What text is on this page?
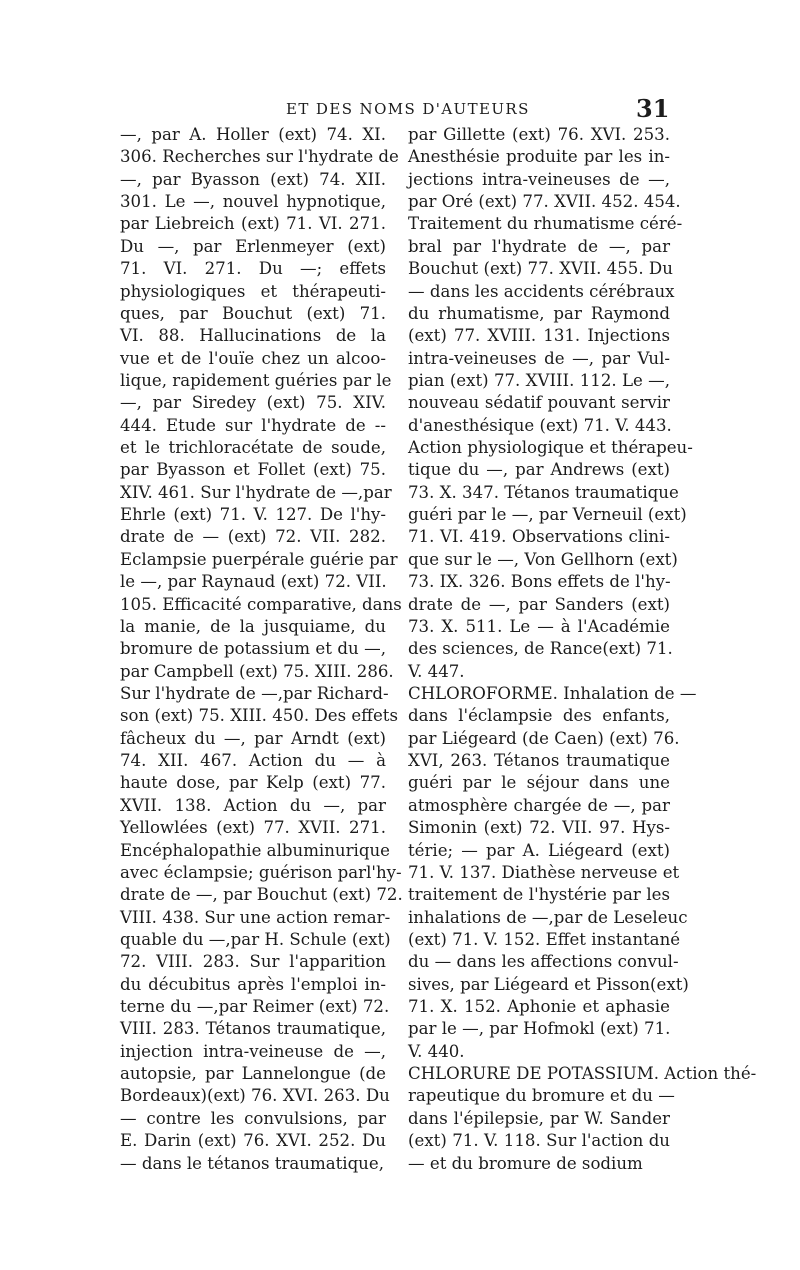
ET DES NOMS D'AUTEURS	31
—, par A. Holler (ext) 74. XI.
306. Recherches sur l'hydrate de
—, par Byasson (ext) 74. XII.
301. Le —, nouvel hypnotique,
par Liebreich (ext) 71. VI. 271.
Du —, par Erlenmeyer (ext)
71. VI. 271. Du —; effets
physiologiques et thérapeuti-
ques, par Bouchut (ext) 71.
VI. 88. Hallucinations de la
vue et de l'ouïe chez un alcoo-
lique, rapidement guéries par le
—, par Siredey (ext) 75. XIV.
444. Etude sur l'hydrate de --
et le trichloracétate de soude,
par Byasson et Follet (ext) 75.
XIV. 461. Sur l'hydrate de —,par
Ehrle (ext) 71. V. 127. De l'hy-
drate de — (ext) 72. VII. 282.
Eclampsie puerpérale guérie par
le —, par Raynaud (ext) 72. VII.
105. Efficacité comparative, dans
la manie, de la jusquiame, du
bromure de potassium et du —,
par Campbell (ext) 75. XIII. 286.
Sur l'hydrate de —,par Richard-
son (ext) 75. XIII. 450. Des effets
fâcheux du —, par Arndt (ext)
74. XII. 467. Action du — à
haute dose, par Kelp (ext) 77.
XVII. 138. Action du —, par
Yellowlées (ext) 77. XVII. 271.
Encéphalopathie albuminurique
avec éclampsie; guérison parl'hy-
drate de —, par Bouchut (ext) 72.
VIII. 438. Sur une action remar-
quable du —,par H. Schule (ext)
72. VIII. 283. Sur l'apparition
du décubitus après l'emploi in-
terne du —,par Reimer (ext) 72.
VIII. 283. Tétanos traumatique,
injection intra-veineuse de —,
autopsie, par Lannelongue (de
Bordeaux)(ext) 76. XVI. 263. Du
— contre les convulsions, par
E. Darin (ext) 76. XVI. 252. Du
— dans le tétanos traumatique,
par Gillette (ext) 76. XVI. 253.
Anesthésie produite par les in-
jections intra-veineuses de —,
par Oré (ext) 77. XVII. 452. 454.
Traitement du rhumatisme céré-
bral par l'hydrate de —, par
Bouchut (ext) 77. XVII. 455. Du
— dans les accidents cérébraux
du rhumatisme, par Raymond
(ext) 77. XVIII. 131. Injections
intra-veineuses de —, par Vul-
pian (ext) 77. XVIII. 112. Le —,
nouveau sédatif pouvant servir
d'anesthésique (ext) 71. V. 443.
Action physiologique et thérapeu-
tique du —, par Andrews (ext)
73. X. 347. Tétanos traumatique
guéri par le —, par Verneuil (ext)
71. VI. 419. Observations clini-
que sur le —, Von Gellhorn (ext)
73. IX. 326. Bons effets de l'hy-
drate de —, par Sanders (ext)
73. X. 511. Le — à l'Académie
des sciences, de Rance(ext) 71.
V. 447.
CHLOROFORME. Inhalation de —
dans l'éclampsie des enfants,
par Liégeard (de Caen) (ext) 76.
XVI, 263. Tétanos traumatique
guéri par le séjour dans une
atmosphère chargée de —, par
Simonin (ext) 72. VII. 97. Hys-
térie; — par A. Liégeard (ext)
71. V. 137. Diathèse nerveuse et
traitement de l'hystérie par les
inhalations de —,par de Leseleuc
(ext) 71. V. 152. Effet instantané
du — dans les affections convul-
sives, par Liégeard et Pisson(ext)
71. X. 152. Aphonie et aphasie
par le —, par Hofmokl (ext) 71.
V. 440.
CHLORURE DE POTASSIUM. Action thé-
rapeutique du bromure et du —
dans l'épilepsie, par W. Sander
(ext) 71. V. 118. Sur l'action du
— et du bromure de sodium
